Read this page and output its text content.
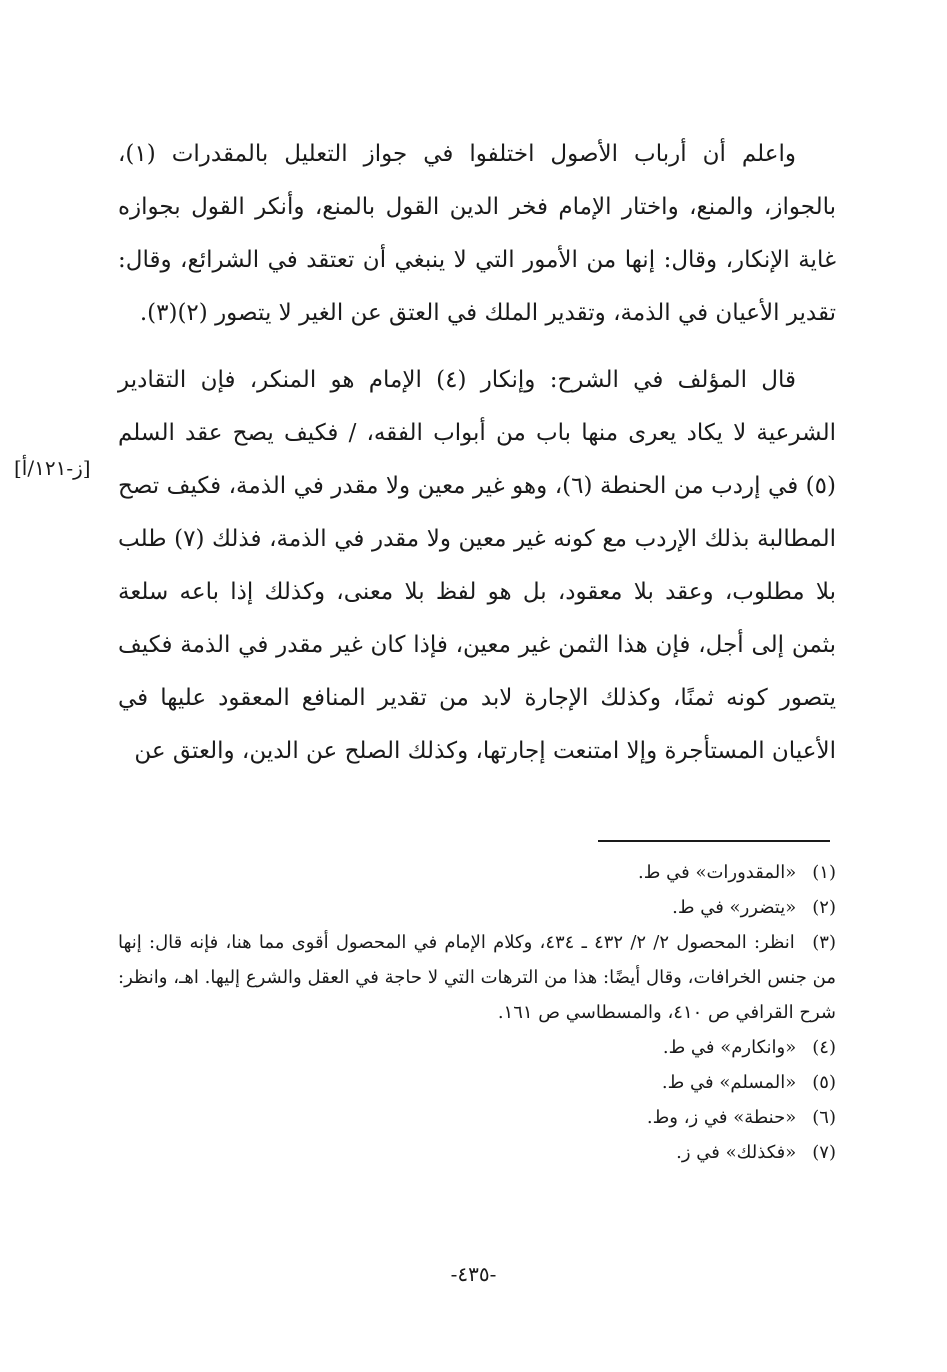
واعلم أن أرباب الأصول اختلفوا في جواز التعليل بالمقدرات (١)، بالجواز، والمنع، واختار الإمام فخر الدين القول بالمنع، وأنكر القول بجوازه غاية الإنكار، وقال: إنها من الأمور التي لا ينبغي أن تعتقد في الشرائع، وقال: تقدير الأعيان في الذمة، وتقدير الملك في العتق عن الغير لا يتصور (٢)(٣).

قال المؤلف في الشرح: وإنكار (٤) الإمام هو المنكر، فإن التقادير الشرعية لا يكاد يعرى منها باب من أبواب الفقه، / فكيف يصح عقد السلم (٥) في إردب من الحنطة (٦)، وهو غير معين ولا مقدر في الذمة، فكيف تصح المطالبة بذلك الإردب مع كونه غير معين ولا مقدر في الذمة، فذلك (٧) طلب بلا مطلوب، وعقد بلا معقود، بل هو لفظ بلا معنى، وكذلك إذا باعه سلعة بثمن إلى أجل، فإن هذا الثمن غير معين، فإذا كان غير مقدر في الذمة فكيف يتصور كونه ثمنًا، وكذلك الإجارة لابد من تقدير المنافع المعقود عليها في الأعيان المستأجرة وإلا امتنعت إجارتها، وكذلك الصلح عن الدين، والعتق عن

[ز-١٢١/أ]

(١) «المقدورات» في ط.

(٢) «يتضرر» في ط.

(٣) انظر: المحصول ٢/ ٢/ ٤٣٢ ـ ٤٣٤، وكلام الإمام في المحصول أقوى مما هنا، فإنه قال: إنها من جنس الخرافات، وقال أيضًا: هذا من الترهات التي لا حاجة في العقل والشرع إليها. اهـ، وانظر: شرح القرافي ص ٤١٠، والمسطاسي ص ١٦١.

(٤) «وانكارم» في ط.

(٥) «المسلم» في ط.

(٦) «حنطة» في ز، وط.

(٧) «فكذلك» في ز.

-٤٣٥-
